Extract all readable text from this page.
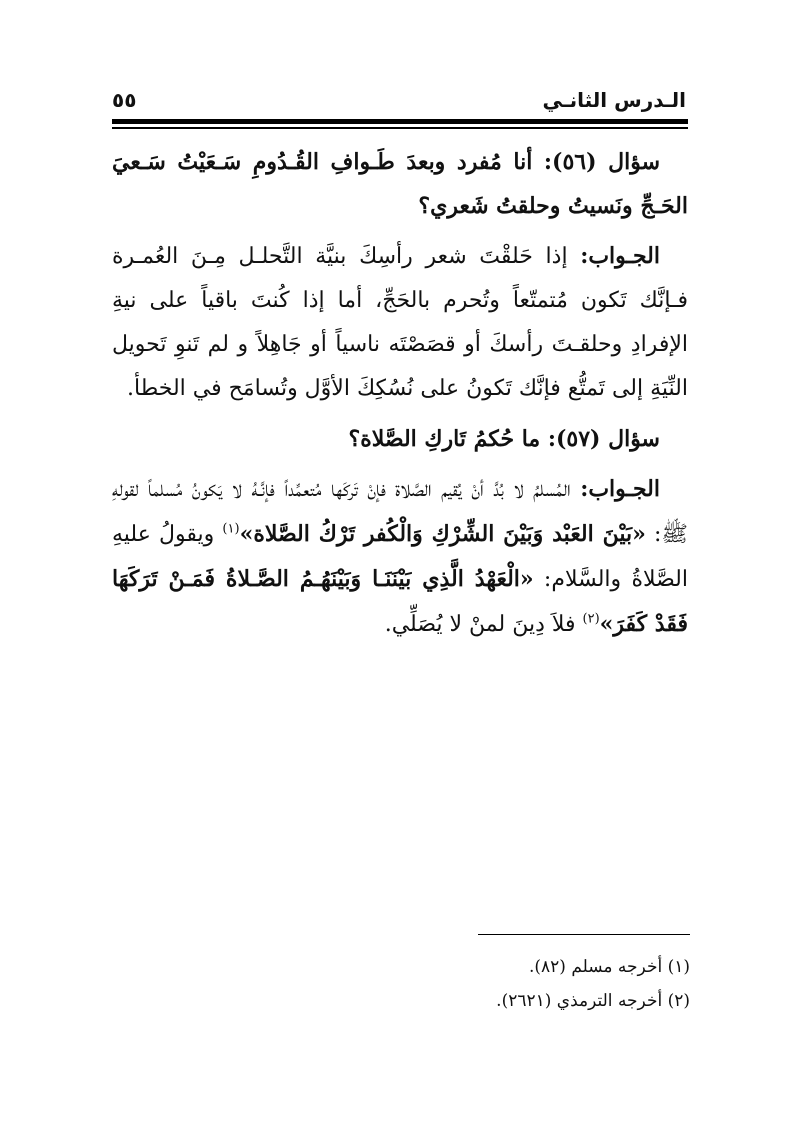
الـدرس الثانـي
٥٥

سؤال (٥٦): أنا مُفرد وبعدَ طَـوافِ القُـدُومِ سَـعَيْتُ سَـعيَ الحَـجِّ ونَسيتُ وحلقتُ شَعري؟

الجـواب: إذا حَلقْتَ شعر رأسِكَ بنيَّة التَّحلـل مِـنَ العُمـرة فـإنَّك تَكون مُتمتّعاً وتُحرم بالحَجِّ، أما إذا كُنتَ باقياً على نيةِ الإفرادِ وحلقـتَ رأسكَ أو قصَصْتَه ناسياً أو جَاهِلاً و لم تَنوِ تَحويل النِّيَةِ إلى تَمتُّع فإنَّك تَكونُ على نُسُكِكَ الأوَّل وتُسامَح في الخطأ.

سؤال (٥٧): ما حُكمُ تَاركِ الصَّلاة؟

الجـواب: المُسلمُ لا بُدَّ أنْ يُقيم الصَّلاة فإنْ تَركَها مُتعمِّداً فإنَّـهُ لا يَكونُ مُسلماً لقولهِ ﷺ: «بَيْنَ العَبْد وَبَيْنَ الشِّرْكِ وَالْكُفر تَرْكُ الصَّلاة»$^{(١)}$ ويقولُ عليهِ الصَّلاةُ والسَّلام: «الْعَهْدُ الَّذِي بَيْنَنَـا وَبَيْنَهُـمُ الصَّـلاةُ فَمَـنْ تَرَكَهَا فَقَدْ كَفَرَ»$^{(٢)}$ فلاَ دِينَ لمنْ لا يُصَلِّي.

(١) أخرجه مسلم (٨٢).

(٢) أخرجه الترمذي (٢٦٢١).
